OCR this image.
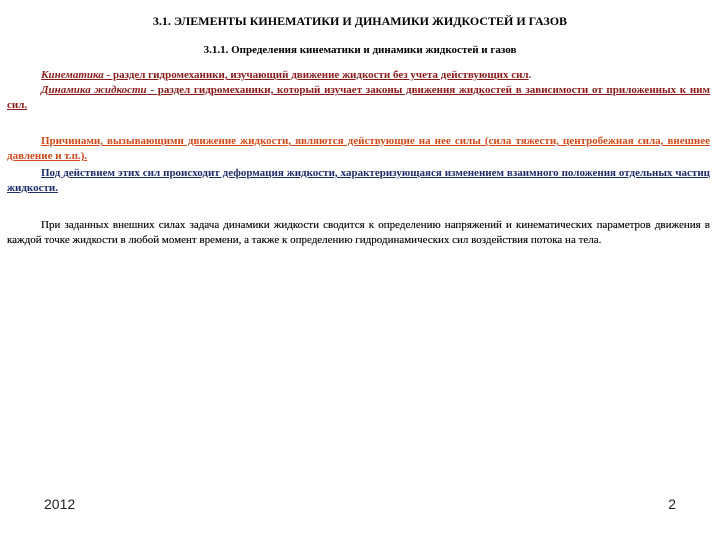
3.1. ЭЛЕМЕНТЫ КИНЕМАТИКИ И ДИНАМИКИ ЖИДКОСТЕЙ И ГАЗОВ
3.1.1. Определения кинематики и динамики жидкостей и газов

Кинематика - раздел гидромеханики, изучающий движение жидкости без учета действующих сил.
Динамика жидкости - раздел гидромеханики, который изучает законы движения жидкостей в зависимости от приложенных к ним сил.

Причинами, вызывающими движение жидкости, являются действующие на нее силы (сила тяжести, центробежная сила, внешнее давление и т.п.).

Под действием этих сил происходит деформация жидкости, характеризующаяся изменением взаимного положения отдельных частиц жидкости.

При заданных внешних силах задача динамики жидкости сводится к определению напряжений и кинематических параметров движения в каждой точке жидкости в любой момент времени, а также к определению гидродинамических сил воздействия потока на тела.

2012	2
